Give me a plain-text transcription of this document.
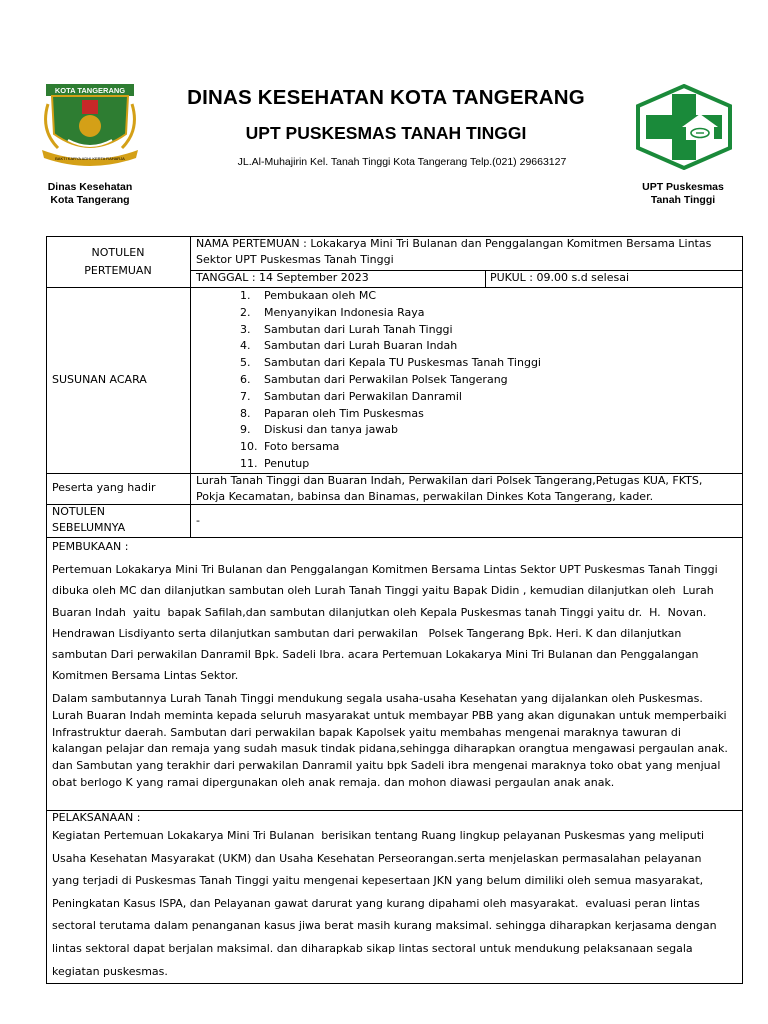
KOTA TANGERANG
BAKTI KARYA ADHI KERTA RAHARJA
DINAS KESEHATAN KOTA TANGERANG
UPT PUSKESMAS TANAH TINGGI
JL.Al-Muhajirin Kel. Tanah Tinggi Kota Tangerang Telp.(021) 29663127
Dinas Kesehatan
Kota Tangerang
UPT Puskesmas
Tanah Tinggi
NOTULEN
PERTEMUAN
NAMA PERTEMUAN : Lokakarya Mini Tri Bulanan dan Penggalangan Komitmen Bersama Lintas
Sektor UPT Puskesmas Tanah Tinggi
TANGGAL : 14 September 2023	PUKUL : 09.00 s.d selesai
SUSUNAN ACARA
1.	Pembukaan oleh MC
2.	Menyanyikan Indonesia Raya
3.	Sambutan dari Lurah Tanah Tinggi
4.	Sambutan dari Lurah Buaran Indah
5.	Sambutan dari Kepala TU Puskesmas Tanah Tinggi
6.	Sambutan dari Perwakilan Polsek Tangerang
7.	Sambutan dari Perwakilan Danramil
8.	Paparan oleh Tim Puskesmas
9.	Diskusi dan tanya jawab
10. Foto bersama
11. Penutup
Peserta yang hadir
Lurah Tanah Tinggi dan Buaran Indah, Perwakilan dari Polsek Tangerang,Petugas KUA, FKTS,
Pokja Kecamatan, babinsa dan Binamas, perwakilan Dinkes Kota Tangerang, kader.
NOTULEN
SEBELUMNYA
-
PEMBUKAAN :
Pertemuan Lokakarya Mini Tri Bulanan dan Penggalangan Komitmen Bersama Lintas Sektor UPT Puskesmas Tanah Tinggi
dibuka oleh MC dan dilanjutkan sambutan oleh Lurah Tanah Tinggi yaitu Bapak Didin , kemudian dilanjutkan oleh  Lurah
Buaran Indah  yaitu  bapak Safilah,dan sambutan dilanjutkan oleh Kepala Puskesmas tanah Tinggi yaitu dr.  H.  Novan.
Hendrawan Lisdiyanto serta dilanjutkan sambutan dari perwakilan   Polsek Tangerang Bpk. Heri. K dan dilanjutkan
sambutan Dari perwakilan Danramil Bpk. Sadeli Ibra. acara Pertemuan Lokakarya Mini Tri Bulanan dan Penggalangan
Komitmen Bersama Lintas Sektor.
Dalam sambutannya Lurah Tanah Tinggi mendukung segala usaha-usaha Kesehatan yang dijalankan oleh Puskesmas.
Lurah Buaran Indah meminta kepada seluruh masyarakat untuk membayar PBB yang akan digunakan untuk memperbaiki
Infrastruktur daerah. Sambutan dari perwakilan bapak Kapolsek yaitu membahas mengenai maraknya tawuran di
kalangan pelajar dan remaja yang sudah masuk tindak pidana,sehingga diharapkan orangtua mengawasi pergaulan anak.
dan Sambutan yang terakhir dari perwakilan Danramil yaitu bpk Sadeli ibra mengenai maraknya toko obat yang menjual
obat berlogo K yang ramai dipergunakan oleh anak remaja. dan mohon diawasi pergaulan anak anak.
PELAKSANAAN :
Kegiatan Pertemuan Lokakarya Mini Tri Bulanan  berisikan tentang Ruang lingkup pelayanan Puskesmas yang meliputi
Usaha Kesehatan Masyarakat (UKM) dan Usaha Kesehatan Perseorangan.serta menjelaskan permasalahan pelayanan
yang terjadi di Puskesmas Tanah Tinggi yaitu mengenai kepesertaan JKN yang belum dimiliki oleh semua masyarakat,
Peningkatan Kasus ISPA, dan Pelayanan gawat darurat yang kurang dipahami oleh masyarakat.  evaluasi peran lintas
sectoral terutama dalam penanganan kasus jiwa berat masih kurang maksimal. sehingga diharapkan kerjasama dengan
lintas sektoral dapat berjalan maksimal. dan diharapkab sikap lintas sectoral untuk mendukung pelaksanaan segala
kegiatan puskesmas.
